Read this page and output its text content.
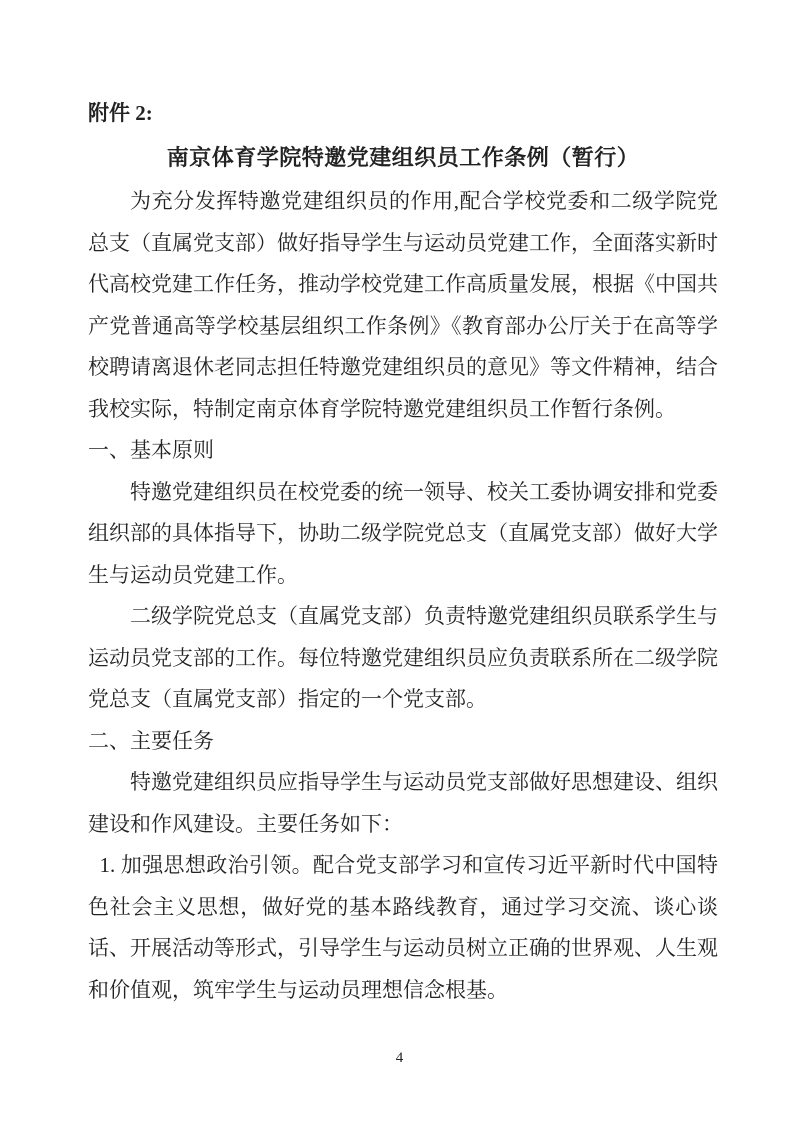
附件 2:
南京体育学院特邀党建组织员工作条例（暂行）

为充分发挥特邀党建组织员的作用,配合学校党委和二级学院党总支（直属党支部）做好指导学生与运动员党建工作，全面落实新时代高校党建工作任务，推动学校党建工作高质量发展，根据《中国共产党普通高等学校基层组织工作条例》《教育部办公厅关于在高等学校聘请离退休老同志担任特邀党建组织员的意见》等文件精神，结合我校实际，特制定南京体育学院特邀党建组织员工作暂行条例。

一、基本原则

特邀党建组织员在校党委的统一领导、校关工委协调安排和党委组织部的具体指导下，协助二级学院党总支（直属党支部）做好大学生与运动员党建工作。

二级学院党总支（直属党支部）负责特邀党建组织员联系学生与运动员党支部的工作。每位特邀党建组织员应负责联系所在二级学院党总支（直属党支部）指定的一个党支部。

二、主要任务

特邀党建组织员应指导学生与运动员党支部做好思想建设、组织建设和作风建设。主要任务如下：

1. 加强思想政治引领。配合党支部学习和宣传习近平新时代中国特色社会主义思想，做好党的基本路线教育，通过学习交流、谈心谈话、开展活动等形式，引导学生与运动员树立正确的世界观、人生观和价值观，筑牢学生与运动员理想信念根基。

4
